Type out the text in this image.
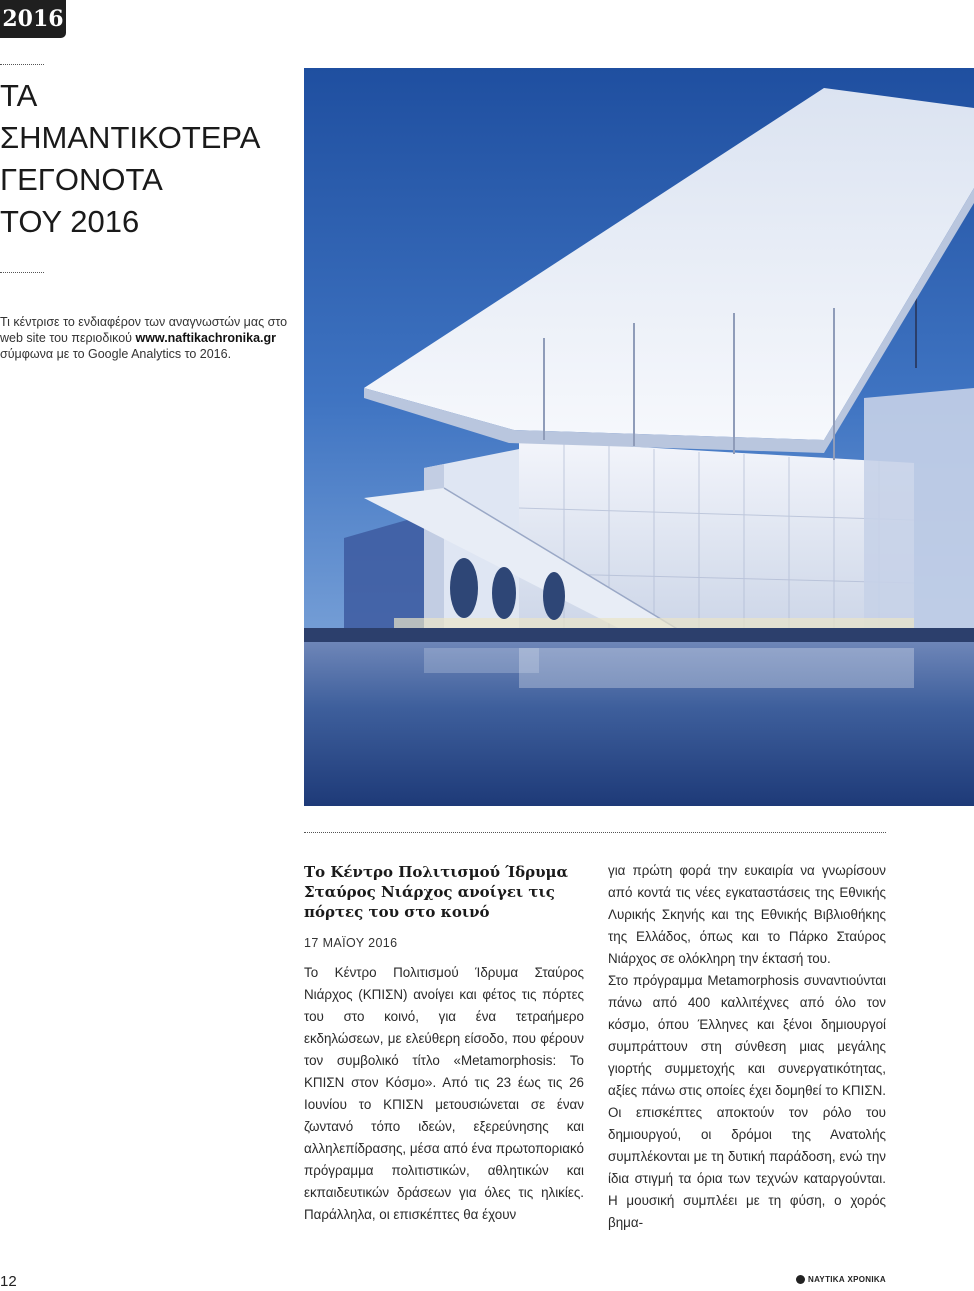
2016
ΤΑ
ΣΗΜΑΝΤΙΚΟΤΕΡΑ
ΓΕΓΟΝΟΤΑ
ΤΟΥ 2016
Τι κέντρισε το ενδιαφέρον των αναγνωστών μας στο web site του περιοδικού www.naftikachronika.gr σύμφωνα με το Google Analytics το 2016.
Το Κέντρο Πολιτισμού Ίδρυμα Σταύρος Νιάρχος ανοίγει τις πόρτες του στο κοινό
17 ΜΑΪΟΥ 2016

Το Κέντρο Πολιτισμού Ίδρυμα Σταύρος Νιάρχος (ΚΠΙΣΝ) ανοίγει και φέτος τις πόρτες του στο κοινό, για ένα τετραήμερο εκδηλώσεων, με ελεύθερη είσοδο, που φέρουν τον συμβολικό τίτλο «Metamorphosis: Το ΚΠΙΣΝ στον Κόσμο». Από τις 23 έως τις 26 Ιουνίου το ΚΠΙΣΝ μετουσιώνεται σε έναν ζωντανό τόπο ιδεών, εξερεύνησης και αλληλεπίδρασης, μέσα από ένα πρωτοποριακό πρόγραμμα πολιτιστικών, αθλητικών και εκπαιδευτικών δράσεων για όλες τις ηλικίες. Παράλληλα, οι επισκέπτες θα έχουν

για πρώτη φορά την ευκαιρία να γνωρίσουν από κοντά τις νέες εγκαταστάσεις της Εθνικής Λυρικής Σκηνής και της Εθνικής Βιβλιοθήκης της Ελλάδος, όπως και το Πάρκο Σταύρος Νιάρχος σε ολόκληρη την έκτασή του.

Στο πρόγραμμα Metamorphosis συναντιούνται πάνω από 400 καλλιτέχνες από όλο τον κόσμο, όπου Έλληνες και ξένοι δημιουργοί συμπράττουν στη σύνθεση μιας μεγάλης γιορτής συμμετοχής και συνεργατικότητας, αξίες πάνω στις οποίες έχει δομηθεί το ΚΠΙΣΝ. Οι επισκέπτες αποκτούν τον ρόλο του δημιουργού, οι δρόμοι της Ανατολής συμπλέκονται με τη δυτική παράδοση, ενώ την ίδια στιγμή τα όρια των τεχνών καταργούνται. Η μουσική συμπλέει με τη φύση, ο χορός βημα-

12	ΝΑΥΤΙΚΑ ΧΡΟΝΙΚΑ
